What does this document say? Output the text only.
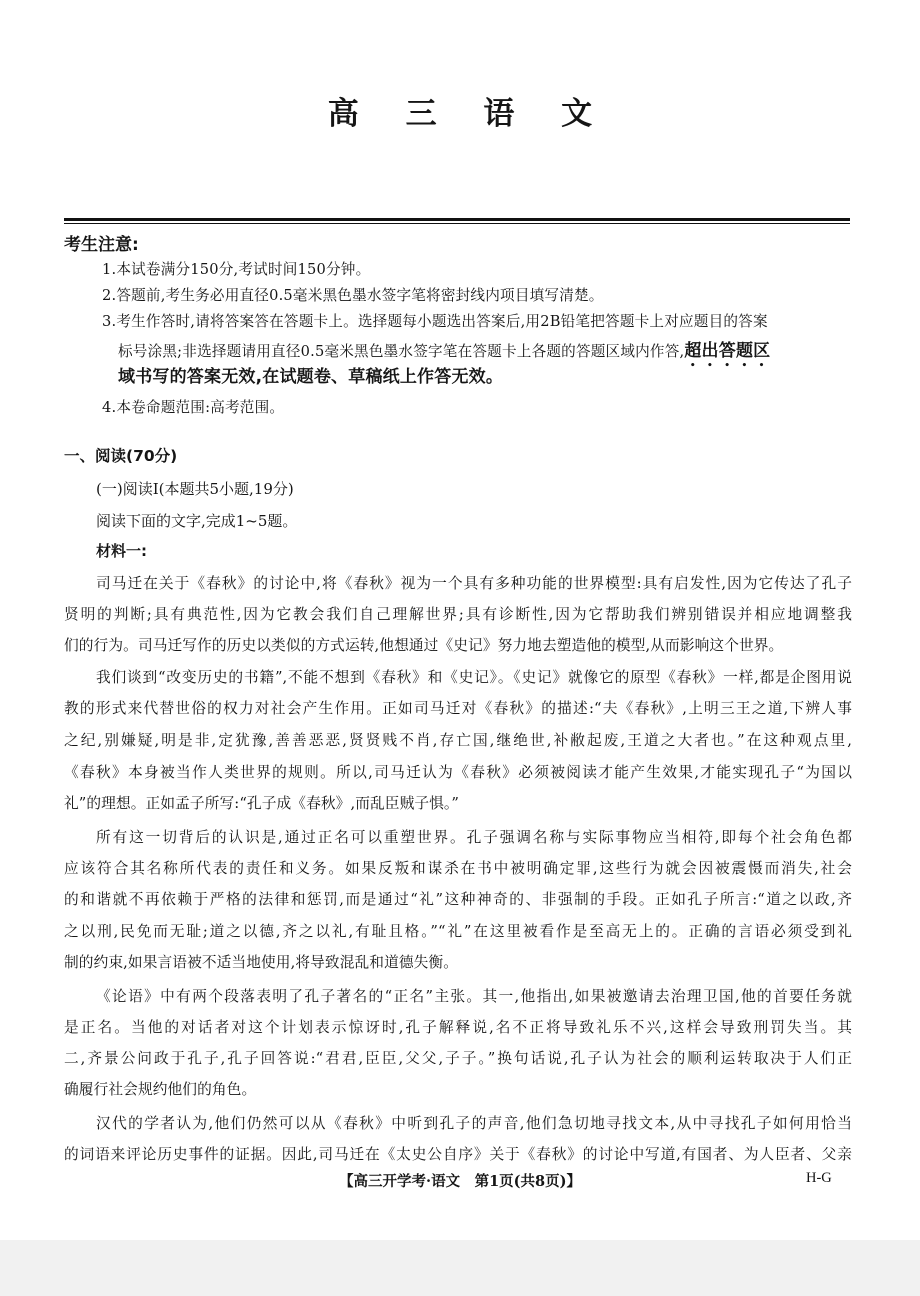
高 三 语 文
考生注意:
1.本试卷满分150分,考试时间150分钟。
2.答题前,考生务必用直径0.5毫米黑色墨水签字笔将密封线内项目填写清楚。
3.考生作答时,请将答案答在答题卡上。选择题每小题选出答案后,用2B铅笔把答题卡上对应题目的答案
标号涂黑;非选择题请用直径0.5毫米黑色墨水签字笔在答题卡上各题的答题区域内作答,超出答题区
域书写的答案无效,在试题卷、草稿纸上作答无效。
4.本卷命题范围:高考范围。
一、阅读(70分)
(一)阅读Ⅰ(本题共5小题,19分)
阅读下面的文字,完成1~5题。
材料一:
司马迁在关于《春秋》的讨论中,将《春秋》视为一个具有多种功能的世界模型:具有启发性,因为它传达了孔子
贤明的判断;具有典范性,因为它教会我们自己理解世界;具有诊断性,因为它帮助我们辨别错误并相应地调整我
们的行为。司马迁写作的历史以类似的方式运转,他想通过《史记》努力地去塑造他的模型,从而影响这个世界。
我们谈到“改变历史的书籍”,不能不想到《春秋》和《史记》。《史记》就像它的原型《春秋》一样,都是企图用说
教的形式来代替世俗的权力对社会产生作用。正如司马迁对《春秋》的描述:“夫《春秋》,上明三王之道,下辨人事
之纪,别嫌疑,明是非,定犹豫,善善恶恶,贤贤贱不肖,存亡国,继绝世,补敝起废,王道之大者也。”在这种观点里,
《春秋》本身被当作人类世界的规则。所以,司马迁认为《春秋》必须被阅读才能产生效果,才能实现孔子“为国以
礼”的理想。正如孟子所写:“孔子成《春秋》,而乱臣贼子惧。”
所有这一切背后的认识是,通过正名可以重塑世界。孔子强调名称与实际事物应当相符,即每个社会角色都
应该符合其名称所代表的责任和义务。如果反叛和谋杀在书中被明确定罪,这些行为就会因被震慑而消失,社会
的和谐就不再依赖于严格的法律和惩罚,而是通过“礼”这种神奇的、非强制的手段。正如孔子所言:“道之以政,齐
之以刑,民免而无耻;道之以德,齐之以礼,有耻且格。”“礼”在这里被看作是至高无上的。正确的言语必须受到礼
制的约束,如果言语被不适当地使用,将导致混乱和道德失衡。
《论语》中有两个段落表明了孔子著名的“正名”主张。其一,他指出,如果被邀请去治理卫国,他的首要任务就
是正名。当他的对话者对这个计划表示惊讶时,孔子解释说,名不正将导致礼乐不兴,这样会导致刑罚失当。其
二,齐景公问政于孔子,孔子回答说:“君君,臣臣,父父,子子。”换句话说,孔子认为社会的顺利运转取决于人们正
确履行社会规约他们的角色。
汉代的学者认为,他们仍然可以从《春秋》中听到孔子的声音,他们急切地寻找文本,从中寻找孔子如何用恰当
的词语来评论历史事件的证据。因此,司马迁在《太史公自序》关于《春秋》的讨论中写道,有国者、为人臣者、父亲
【高三开学考·语文　第1页(共8页)】	H-G
